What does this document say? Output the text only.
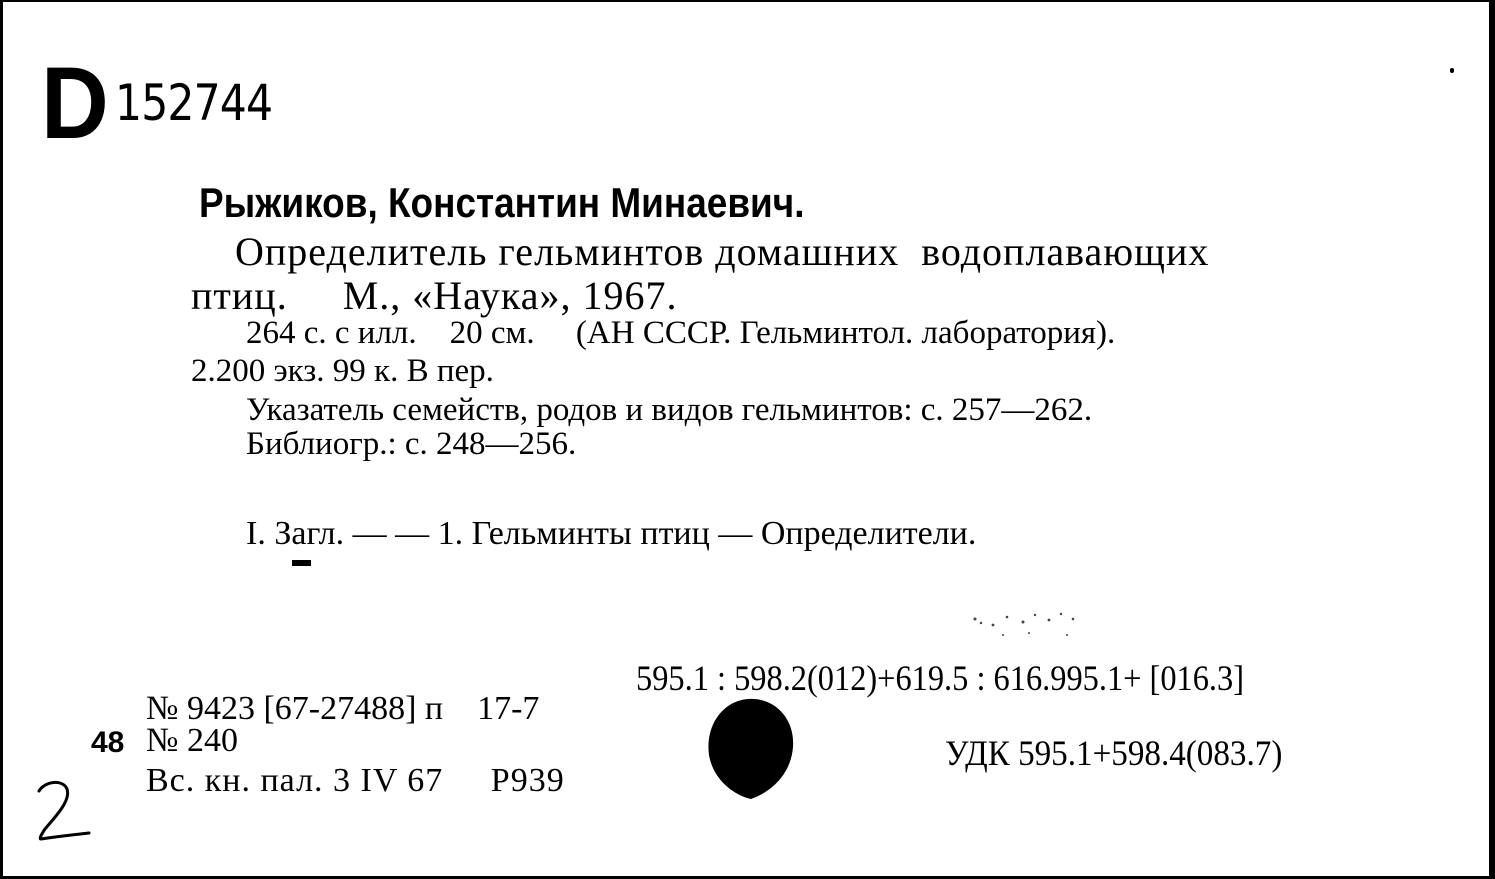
D 152744
Рыжиков, Константин Минаевич.
Определитель гельминтов домашних  водоплавающих
птиц.     М., «Наука», 1967.
264 с. с илл.    20 см.     (АН СССР. Гельминтол. лаборатория).
2.200 экз. 99 к. В пер.
Указатель семейств, родов и видов гельминтов: с. 257—262.
Библиогр.: с. 248—256.
I. Загл. — — 1. Гельминты птиц — Определители.
595.1 : 598.2(012)+619.5 : 616.995.1+ [016.3]
№ 9423 [67-27488] п    17-7
48 № 240
Вс. кн. пал. 3 IV 67     Р939
УДК 595.1+598.4(083.7)
